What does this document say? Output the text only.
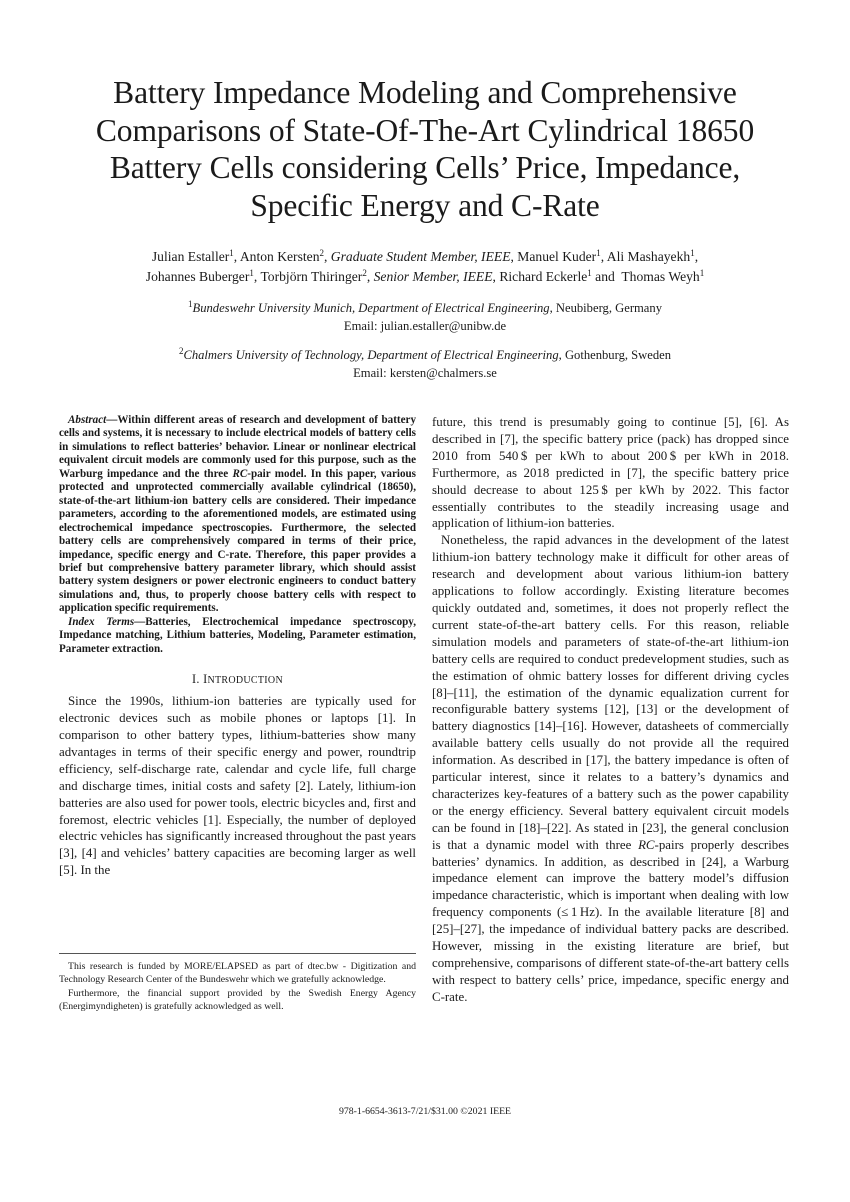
Battery Impedance Modeling and Comprehensive
Comparisons of State-Of-The-Art Cylindrical 18650
Battery Cells considering Cells’ Price, Impedance,
Specific Energy and C-Rate
Julian Estaller$^1$, Anton Kersten$^2$, Graduate Student Member, IEEE, Manuel Kuder$^1$, Ali Mashayekh$^1$,
Johannes Buberger$^1$, Torbjörn Thiringer$^2$, Senior Member, IEEE, Richard Eckerle$^1$ and Thomas Weyh$^1$
$^1$Bundeswehr University Munich, Department of Electrical Engineering, Neubiberg, Germany
Email: julian.estaller@unibw.de
$^2$Chalmers University of Technology, Department of Electrical Engineering, Gothenburg, Sweden
Email: kersten@chalmers.se

Abstract—Within different areas of research and development of battery cells and systems, it is necessary to include electrical models of battery cells in simulations to reflect batteries’ behavior. Linear or nonlinear electrical equivalent circuit models are commonly used for this purpose, such as the Warburg impedance and the three RC-pair model. In this paper, various protected and unprotected commercially available cylindrical (18650), state-of-the-art lithium-ion battery cells are considered. Their impedance parameters, according to the aforementioned models, are estimated using electrochemical impedance spectroscopies. Furthermore, the selected battery cells are comprehensively compared in terms of their price, impedance, specific energy and C-rate. Therefore, this paper provides a brief but comprehensive battery parameter library, which should assist battery system designers or power electronic engineers to conduct battery simulations and, thus, to properly choose battery cells with respect to application specific requirements.

Index Terms—Batteries, Electrochemical impedance spectroscopy, Impedance matching, Lithium batteries, Modeling, Parameter estimation, Parameter extraction.

I. INTRODUCTION

Since the 1990s, lithium-ion batteries are typically used for electronic devices such as mobile phones or laptops [1]. In comparison to other battery types, lithium-batteries show many advantages in terms of their specific energy and power, roundtrip efficiency, self-discharge rate, calendar and cycle life, full charge and discharge times, initial costs and safety [2]. Lately, lithium-ion batteries are also used for power tools, electric bicycles and, first and foremost, electric vehicles [1]. Especially, the number of deployed electric vehicles has significantly increased throughout the past years [3], [4] and vehicles’ battery capacities are becoming larger as well [5]. In the

This research is funded by MORE/ELAPSED as part of dtec.bw - Digitization and Technology Research Center of the Bundeswehr which we gratefully acknowledge.

Furthermore, the financial support provided by the Swedish Energy Agency (Energimyndigheten) is gratefully acknowledged as well.

future, this trend is presumably going to continue [5], [6]. As described in [7], the specific battery price (pack) has dropped since 2010 from 540 $ per kWh to about 200 $ per kWh in 2018. Furthermore, as 2018 predicted in [7], the specific battery price should decrease to about 125 $ per kWh by 2022. This factor essentially contributes to the steadily increasing usage and application of lithium-ion batteries.

Nonetheless, the rapid advances in the development of the latest lithium-ion battery technology make it difficult for other areas of research and development about various lithium-ion battery applications to follow accordingly. Existing literature becomes quickly outdated and, sometimes, it does not properly reflect the current state-of-the-art battery cells. For this reason, reliable simulation models and parameters of state-of-the-art lithium-ion battery cells are required to conduct predevelopment studies, such as the estimation of ohmic battery losses for different driving cycles [8]–[11], the estimation of the dynamic equalization current for reconfigurable battery systems [12], [13] or the development of battery diagnostics [14]–[16]. However, datasheets of commercially available battery cells usually do not provide all the required information. As described in [17], the battery impedance is often of particular interest, since it relates to a battery’s dynamics and characterizes key-features of a battery such as the power capability or the energy efficiency. Several battery equivalent circuit models can be found in [18]–[22]. As stated in [23], the general conclusion is that a dynamic model with three RC-pairs properly describes batteries’ dynamics. In addition, as described in [24], a Warburg impedance element can improve the battery model’s diffusion impedance characteristic, which is important when dealing with low frequency components (≤ 1 Hz). In the available literature [8] and [25]–[27], the impedance of individual battery packs are described. However, missing in the existing literature are brief, but comprehensive, comparisons of different state-of-the-art battery cells with respect to battery cells’ price, impedance, specific energy and C-rate.

978-1-6654-3613-7/21/$31.00 ©2021 IEEE
